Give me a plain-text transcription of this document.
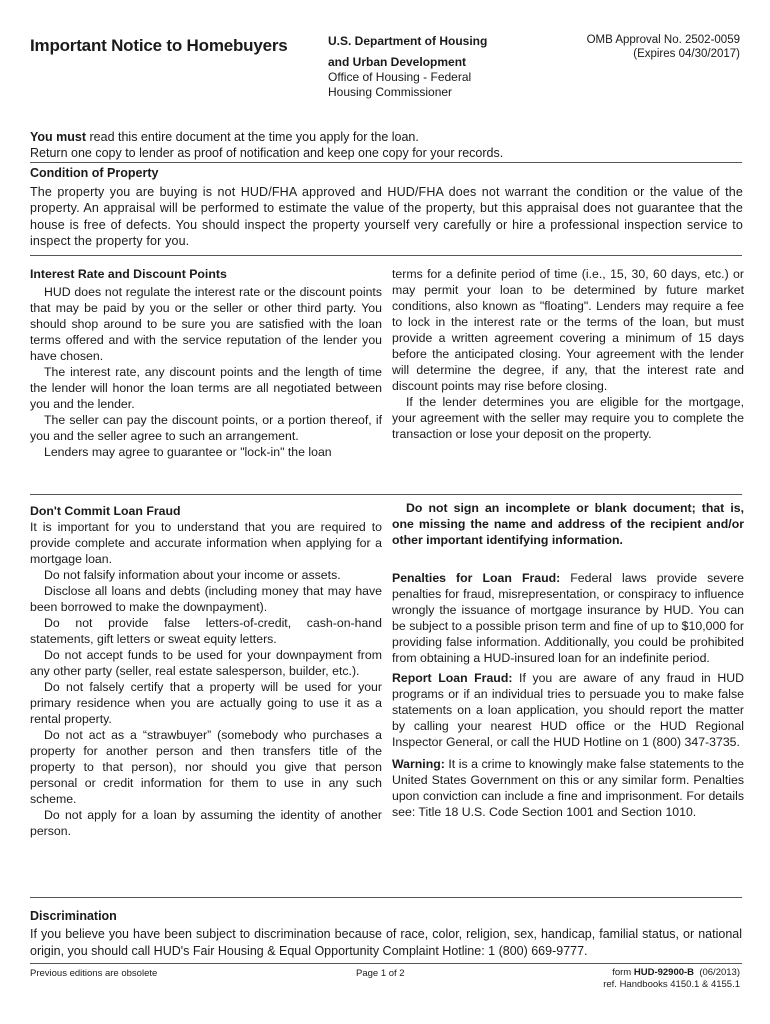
Important Notice to Homebuyers	U.S. Department of Housing
and Urban Development
Office of Housing - Federal
Housing Commissioner
OMB Approval No. 2502-0059
(Expires 04/30/2017)
You must read this entire document at the time you apply for the loan.
Return one copy to lender as proof of notification and keep one copy for your records.
Condition of Property

The property you are buying is not HUD/FHA approved and HUD/FHA does not warrant the condition or the value of the property. An appraisal will be performed to estimate the value of the property, but this appraisal does not guarantee that the house is free of defects. You should inspect the property yourself very carefully or hire a professional inspection service to inspect the property for you.

Interest Rate and Discount Points

HUD does not regulate the interest rate or the discount points that may be paid by you or the seller or other third party. You should shop around to be sure you are satisfied with the loan terms offered and with the service reputation of the lender you have chosen.

The interest rate, any discount points and the length of time the lender will honor the loan terms are all negotiated between you and the lender.

The seller can pay the discount points, or a portion thereof, if you and the seller agree to such an arrangement.

Lenders may agree to guarantee or "lock-in" the loan

terms for a definite period of time (i.e., 15, 30, 60 days, etc.) or may permit your loan to be determined by future market conditions, also known as "floating". Lenders may require a fee to lock in the interest rate or the terms of the loan, but must provide a written agreement covering a minimum of 15 days before the anticipated closing. Your agreement with the lender will determine the degree, if any, that the interest rate and discount points may rise before closing.

If the lender determines you are eligible for the mortgage, your agreement with the seller may require you to complete the transaction or lose your deposit on the property.

Don't Commit Loan Fraud

It is important for you to understand that you are required to provide complete and accurate information when applying for a mortgage loan.

Do not falsify information about your income or assets.

Disclose all loans and debts (including money that may have been borrowed to make the downpayment).

Do not provide false letters-of-credit, cash-on-hand statements, gift letters or sweat equity letters.

Do not accept funds to be used for your downpayment from any other party (seller, real estate salesperson, builder, etc.).

Do not falsely certify that a property will be used for your primary residence when you are actually going to use it as a rental property.

Do not act as a “strawbuyer” (somebody who purchases a property for another person and then transfers title of the property to that person), nor should you give that person personal or credit information for them to use in any such scheme.

Do not apply for a loan by assuming the identity of another person.

Do not sign an incomplete or blank document; that is, one missing the name and address of the recipient and/or other important identifying information.

Penalties for Loan Fraud: Federal laws provide severe penalties for fraud, misrepresentation, or conspiracy to influence wrongly the issuance of mortgage insurance by HUD. You can be subject to a possible prison term and fine of up to $10,000 for providing false information. Additionally, you could be prohibited from obtaining a HUD-insured loan for an indefinite period.

Report Loan Fraud: If you are aware of any fraud in HUD programs or if an individual tries to persuade you to make false statements on a loan application, you should report the matter by calling your nearest HUD office or the HUD Regional Inspector General, or call the HUD Hotline on 1 (800) 347-3735.

Warning: It is a crime to knowingly make false statements to the United States Government on this or any similar form. Penalties upon conviction can include a fine and imprisonment. For details see: Title 18 U.S. Code Section 1001 and Section 1010.

Discrimination

If you believe you have been subject to discrimination because of race, color, religion, sex, handicap, familial status, or national origin, you should call HUD's Fair Housing & Equal Opportunity Complaint Hotline: 1 (800) 669-9777.

Previous editions are obsolete	Page 1 of 2	form HUD-92900-B  (06/2013)
ref. Handbooks 4150.1 & 4155.1
